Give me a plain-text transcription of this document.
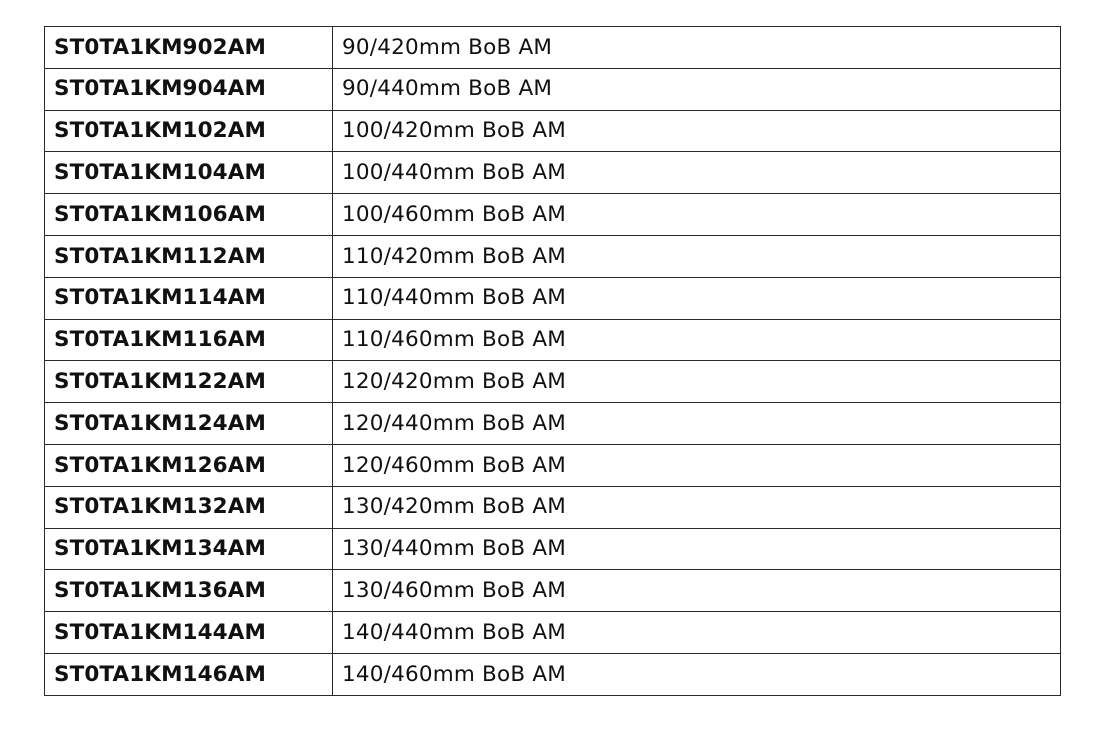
ST0TA1KM902AM	90/420mm BoB AM
ST0TA1KM904AM	90/440mm BoB AM
ST0TA1KM102AM	100/420mm BoB AM
ST0TA1KM104AM	100/440mm BoB AM
ST0TA1KM106AM	100/460mm BoB AM
ST0TA1KM112AM	110/420mm BoB AM
ST0TA1KM114AM	110/440mm BoB AM
ST0TA1KM116AM	110/460mm BoB AM
ST0TA1KM122AM	120/420mm BoB AM
ST0TA1KM124AM	120/440mm BoB AM
ST0TA1KM126AM	120/460mm BoB AM
ST0TA1KM132AM	130/420mm BoB AM
ST0TA1KM134AM	130/440mm BoB AM
ST0TA1KM136AM	130/460mm BoB AM
ST0TA1KM144AM	140/440mm BoB AM
ST0TA1KM146AM	140/460mm BoB AM
